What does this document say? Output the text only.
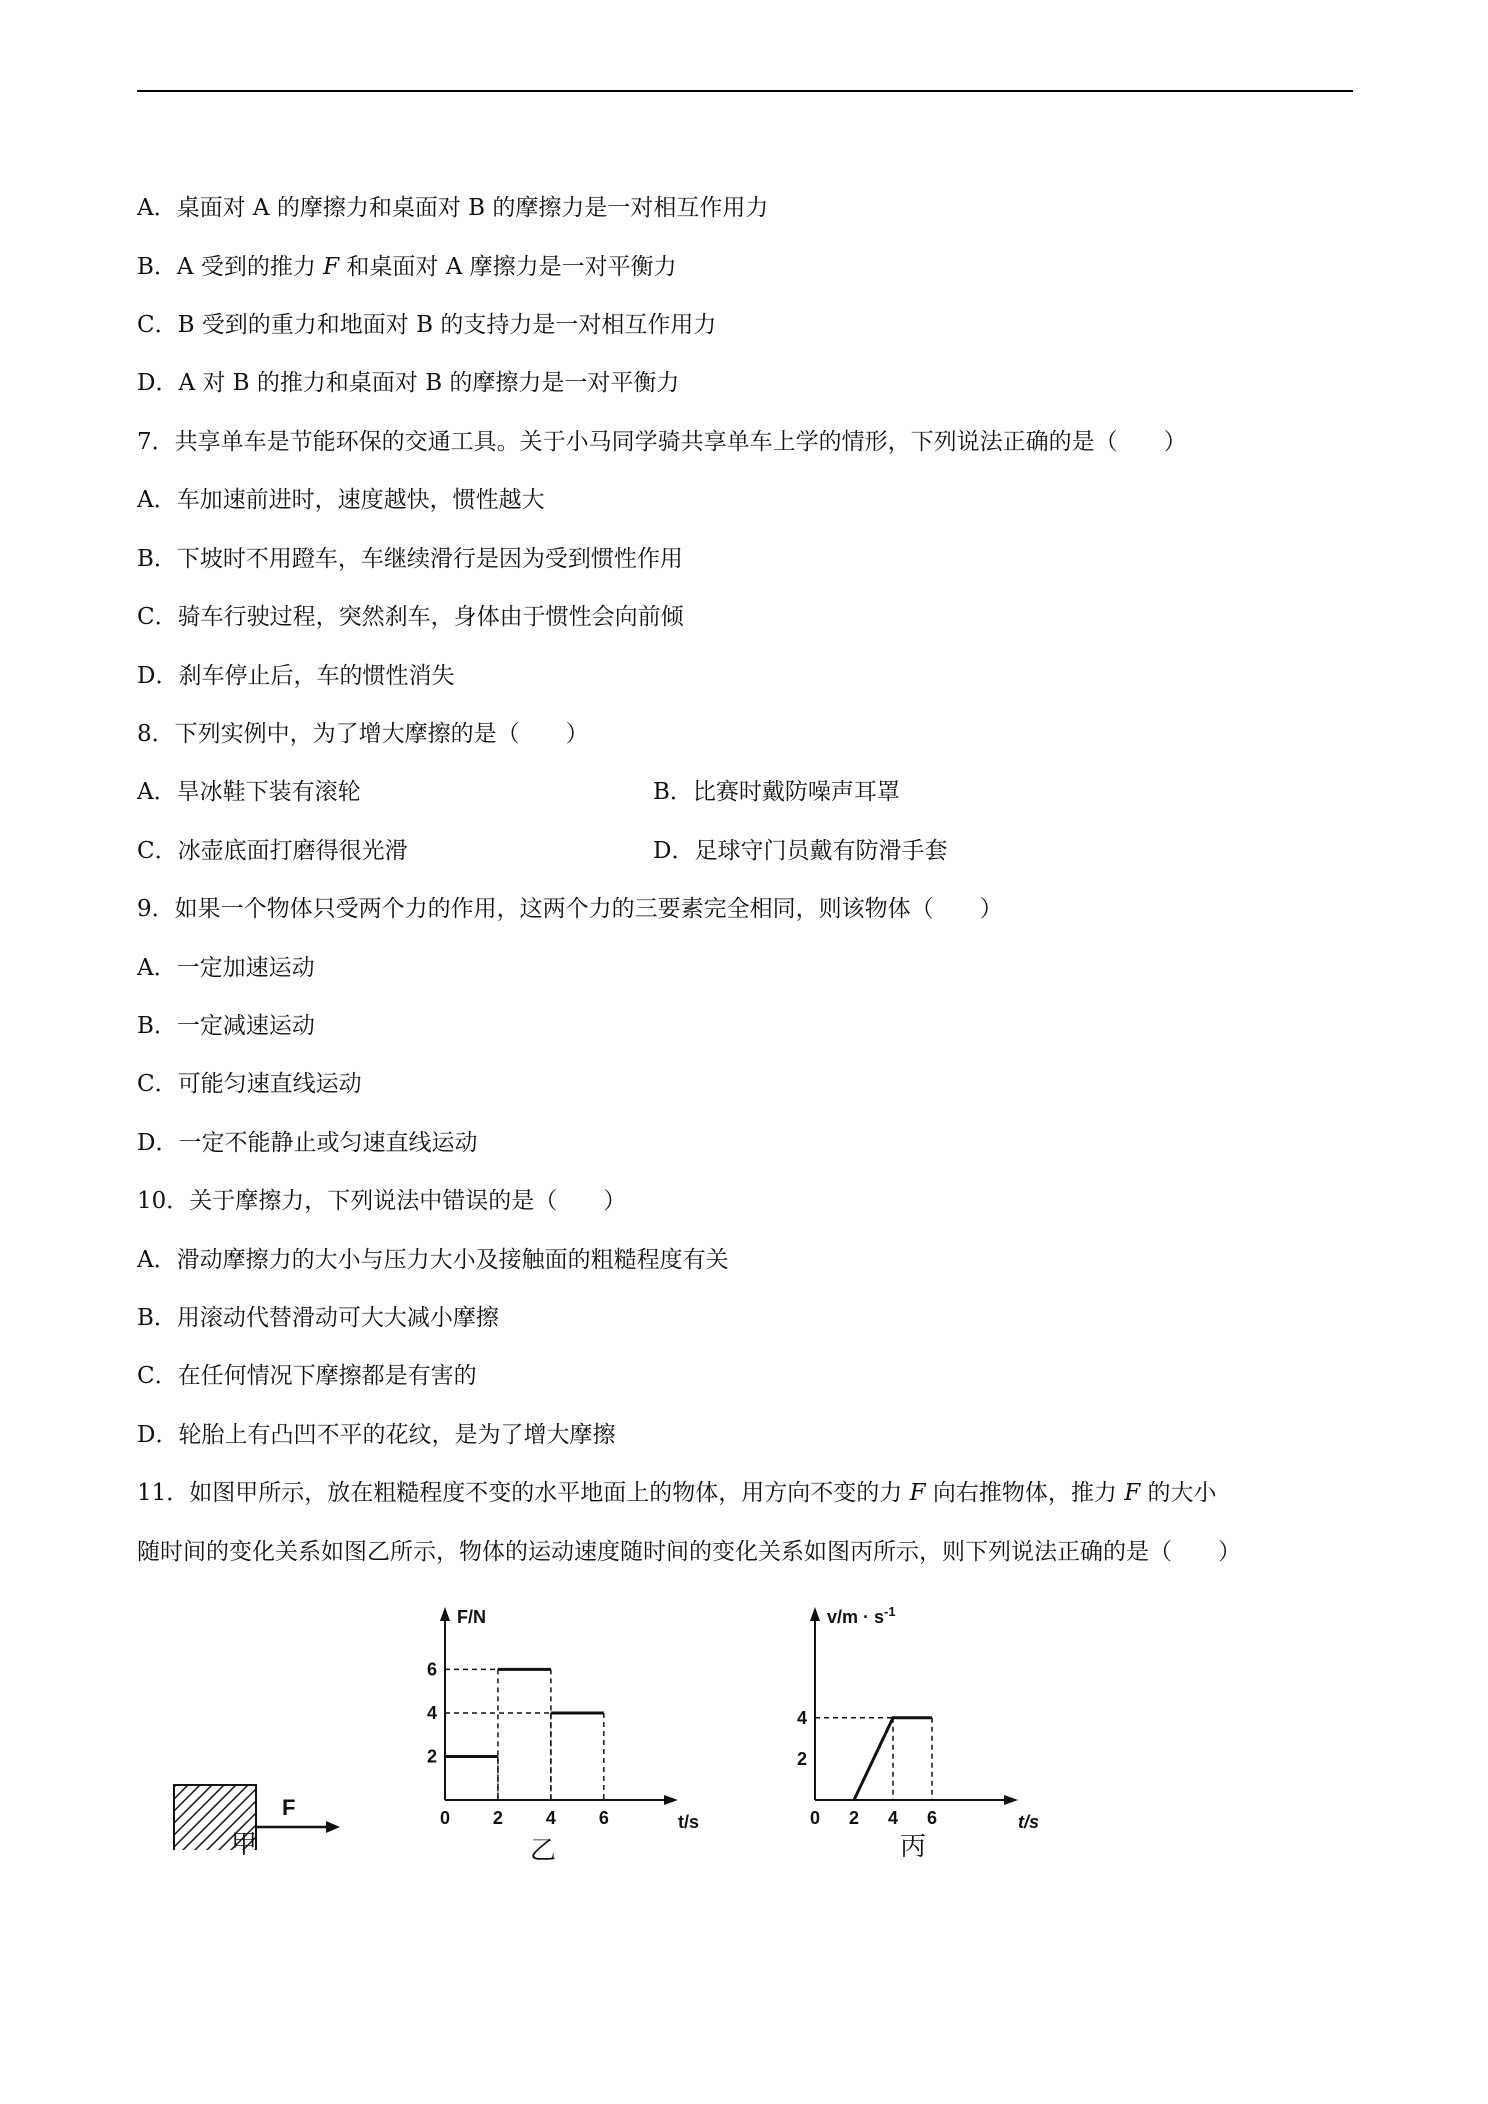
A．桌面对 A 的摩擦力和桌面对 B 的摩擦力是一对相互作用力
B．A 受到的推力 F 和桌面对 A 摩擦力是一对平衡力
C．B 受到的重力和地面对 B 的支持力是一对相互作用力
D．A 对 B 的推力和桌面对 B 的摩擦力是一对平衡力
7．共享单车是节能环保的交通工具。关于小马同学骑共享单车上学的情形，下列说法正确的是（　　）
A．车加速前进时，速度越快，惯性越大
B．下坡时不用蹬车，车继续滑行是因为受到惯性作用
C．骑车行驶过程，突然刹车，身体由于惯性会向前倾
D．刹车停止后，车的惯性消失
8．下列实例中，为了增大摩擦的是（　　）
A．旱冰鞋下装有滚轮	B．比赛时戴防噪声耳罩
C．冰壶底面打磨得很光滑	D．足球守门员戴有防滑手套
9．如果一个物体只受两个力的作用，这两个力的三要素完全相同，则该物体（　　）
A．一定加速运动
B．一定减速运动
C．可能匀速直线运动
D．一定不能静止或匀速直线运动
10．关于摩擦力，下列说法中错误的是（　　）
A．滑动摩擦力的大小与压力大小及接触面的粗糙程度有关
B．用滚动代替滑动可大大减小摩擦
C．在任何情况下摩擦都是有害的
D．轮胎上有凸凹不平的花纹，是为了增大摩擦
11．如图甲所示，放在粗糙程度不变的水平地面上的物体，用方向不变的力 F 向右推物体，推力 F 的大小
随时间的变化关系如图乙所示，物体的运动速度随时间的变化关系如图丙所示，则下列说法正确的是（　　）
F
甲
0 2 4 6
2
4
6
t/s
F/N
乙
0 2 4 6
2
4
t/s
$v/m \cdot s^{-1}$
丙
